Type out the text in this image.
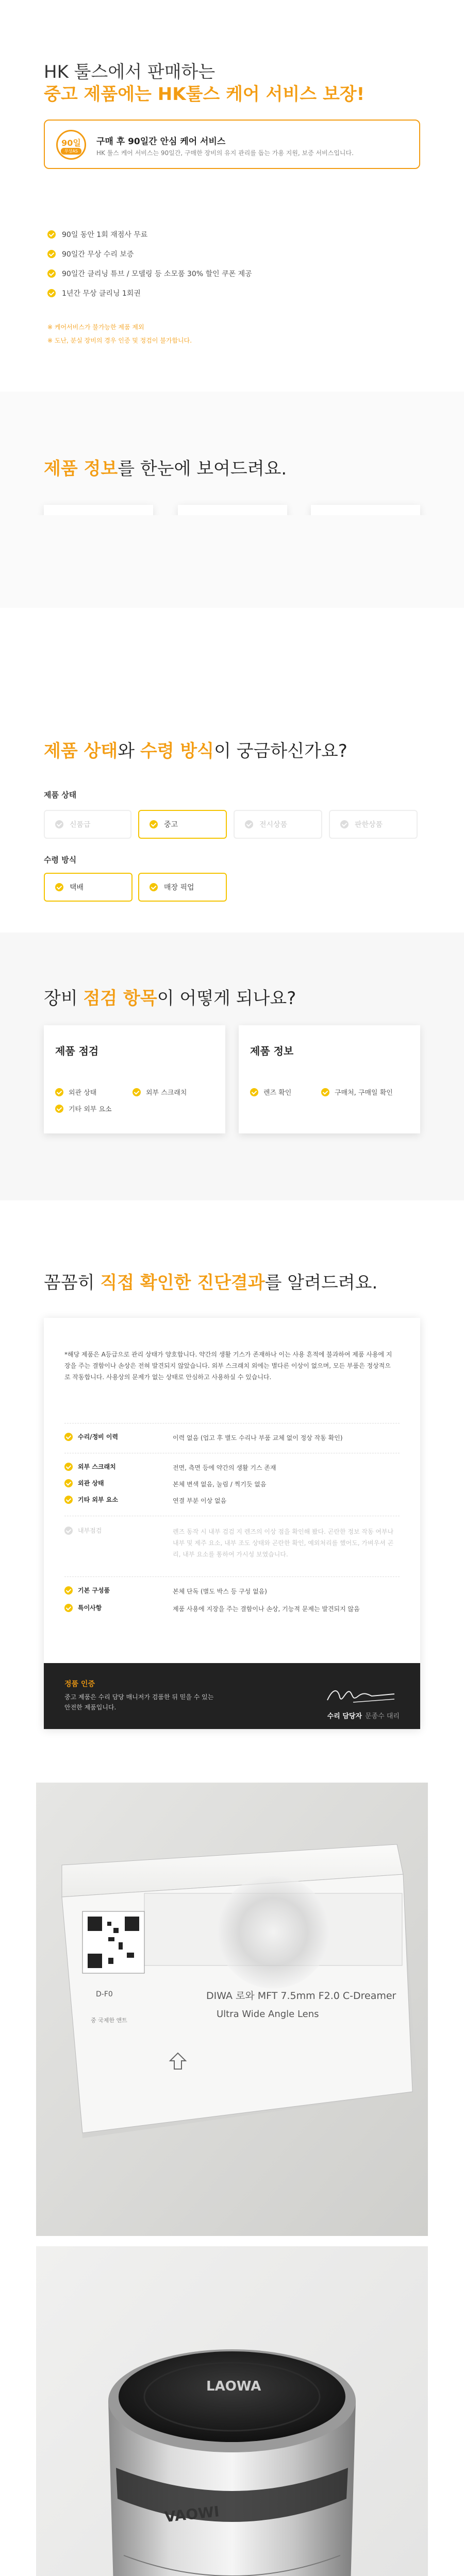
HK 툴스에서 판매하는
중고 제품에는 HK툴스 케어 서비스 보장!
90일
무상AS
구매 후 90일간 안심 케어 서비스
HK 툴스 케어 서비스는 90일간, 구매한 장비의 유지 관리를 돕는 가용 지원, 보증 서비스입니다.
90일 동안 1회 재점사 무료
90일간 무상 수리 보증
90일간 클리닝 튜브 / 모델링 등 소모품 30% 할인 쿠폰 제공
1년간 무상 클리닝 1회권
※ 케어서비스가 불가능한 제품 제외
※ 도난, 분실 장비의 경우 인증 및 정검이 불가합니다.
제품 정보를 한눈에 보여드려요.
제품 상태와 수령 방식이 궁금하신가요?
제품 상태
신품급	중고	전시상품	판한상품
수령 방식
택배	매장 픽업
장비 점검 항목이 어떻게 되나요?
제품 점검
외관 상태	외부 스크래치
기타 외부 요소
제품 정보
렌즈 확인	구매처, 구매일 확인
꼼꼼히 직접 확인한 진단결과를 알려드려요.
*해당 제품은 A등급으로 관리 상태가 양호합니다. 약간의 생활 기스가 존재하나 이는 사용 흔적에 불과하여 제품 사용에 지장을 주는 결함이나 손상은 전혀 발견되지 않았습니다. 외부 스크래치 외에는 별다른 이상이 없으며, 모든 부품은 정상적으로 작동합니다. 사용상의 문제가 없는 상태로 안심하고 사용하실 수 있습니다.
수리/정비 이력	이력 없음 (업고 후 별도 수리나 부품 교체 없이 정상 작동 확인)
외부 스크래치	전면, 측면 등에 약간의 생활 기스 존재
외관 상태	본체 변색 없음, 눌림 / 찍기듯 없음
기타 외부 요소	연결 부분 이상 없음
내부점검	렌즈 동작 시 내부 검검 지 렌즈의 이상 점을 확인해 봤다. 곤란한 정보 작동 여부나 내부 및 제주 요소, 내부 조도 상태와 곤란한 확인, 예외처리를 했어도, 가벼우셔 곤리, 내부 요소를 통하여 가시성 보였습니다.
기본 구성품	본체 단독 (별도 박스 등 구성 없음)
특이사항	제품 사용에 지장을 주는 결함이나 손상, 기능적 문제는 발견되지 않음
정품 인증
중고 제품은 수리 담당 매니저가 검품한 뒤 믿을 수 있는 안전한 제품입니다.
수리 담당자 문종수 대리
D-F0
중 국제한 앤트
DIWA 로와 MFT 7.5mm F2.0 C-Dreamer
Ultra Wide Angle Lens
LAOWA
VAOWI
